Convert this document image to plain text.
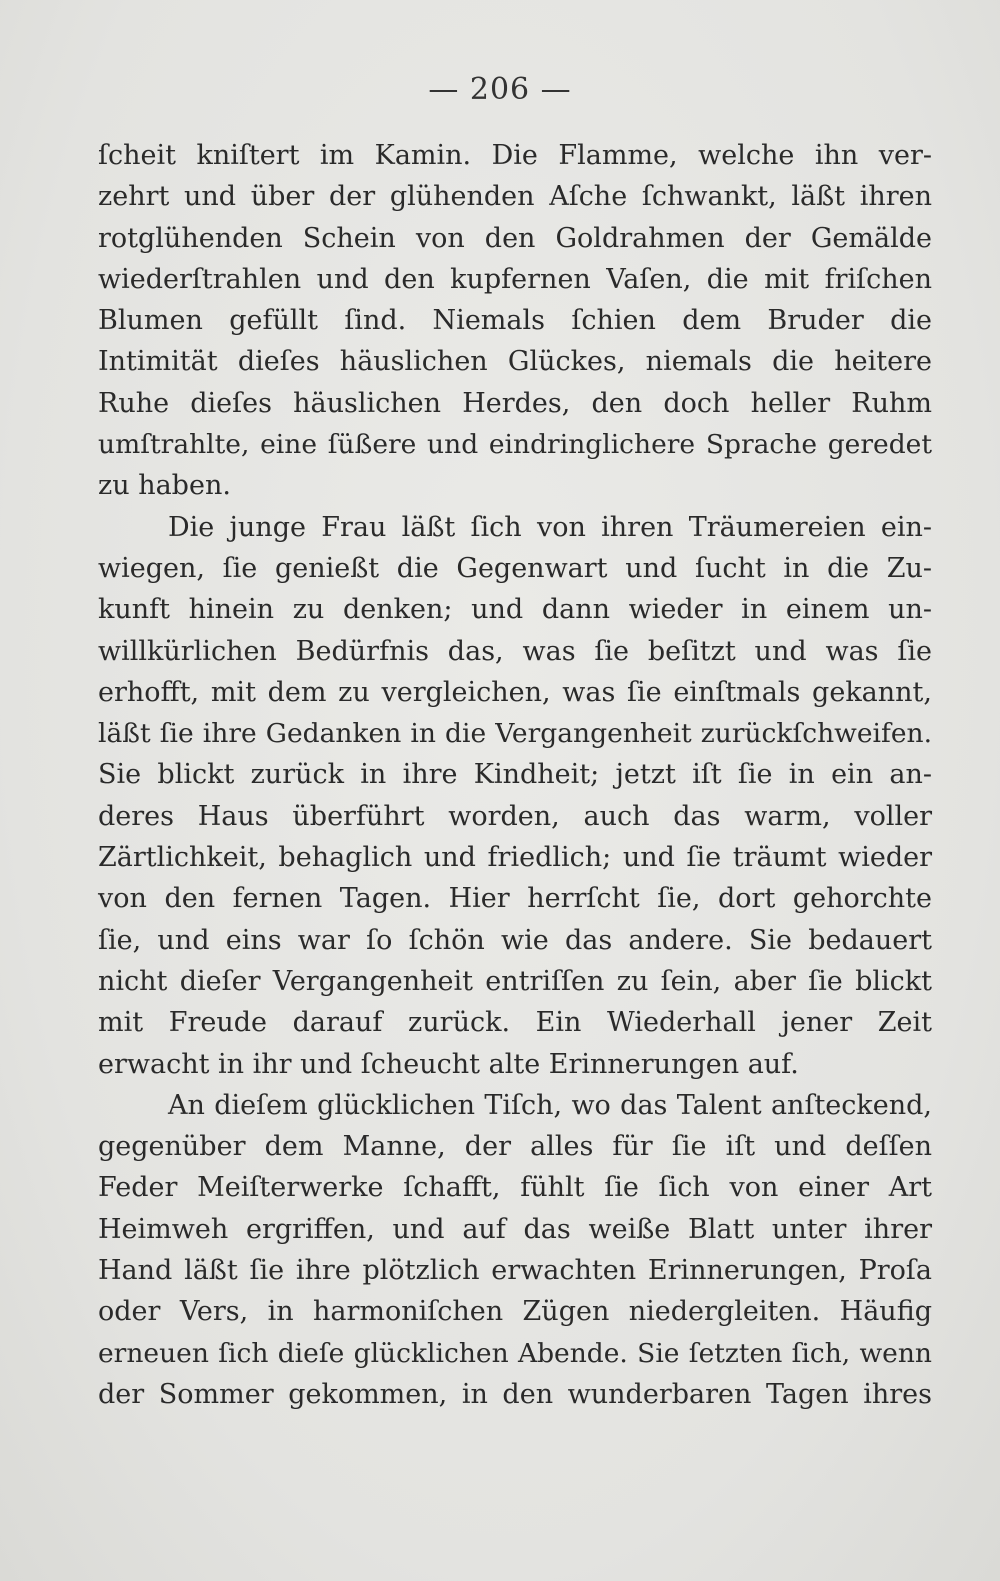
— 206 —
ſcheit kniſtert im Kamin. Die Flamme, welche ihn ver-
zehrt und über der glühenden Aſche ſchwankt, läßt ihren
rotglühenden Schein von den Goldrahmen der Gemälde
wiederſtrahlen und den kupfernen Vaſen, die mit friſchen
Blumen gefüllt ſind. Niemals ſchien dem Bruder die
Intimität dieſes häuslichen Glückes, niemals die heitere
Ruhe dieſes häuslichen Herdes, den doch heller Ruhm
umſtrahlte, eine ſüßere und eindringlichere Sprache geredet
zu haben.
Die junge Frau läßt ſich von ihren Träumereien ein-
wiegen, ſie genießt die Gegenwart und ſucht in die Zu-
kunft hinein zu denken; und dann wieder in einem un-
willkürlichen Bedürfnis das, was ſie beſitzt und was ſie
erhofft, mit dem zu vergleichen, was ſie einſtmals gekannt,
läßt ſie ihre Gedanken in die Vergangenheit zurückſchweifen.
Sie blickt zurück in ihre Kindheit; jetzt iſt ſie in ein an-
deres Haus überführt worden, auch das warm, voller
Zärtlichkeit, behaglich und friedlich; und ſie träumt wieder
von den fernen Tagen. Hier herrſcht ſie, dort gehorchte
ſie, und eins war ſo ſchön wie das andere. Sie bedauert
nicht dieſer Vergangenheit entriſſen zu ſein, aber ſie blickt
mit Freude darauf zurück. Ein Wiederhall jener Zeit
erwacht in ihr und ſcheucht alte Erinnerungen auf.
An dieſem glücklichen Tiſch, wo das Talent anſteckend,
gegenüber dem Manne, der alles für ſie iſt und deſſen
Feder Meiſterwerke ſchafft, fühlt ſie ſich von einer Art
Heimweh ergriffen, und auf das weiße Blatt unter ihrer
Hand läßt ſie ihre plötzlich erwachten Erinnerungen, Proſa
oder Vers, in harmoniſchen Zügen niedergleiten. Häufig
erneuen ſich dieſe glücklichen Abende. Sie ſetzten ſich, wenn
der Sommer gekommen, in den wunderbaren Tagen ihres
